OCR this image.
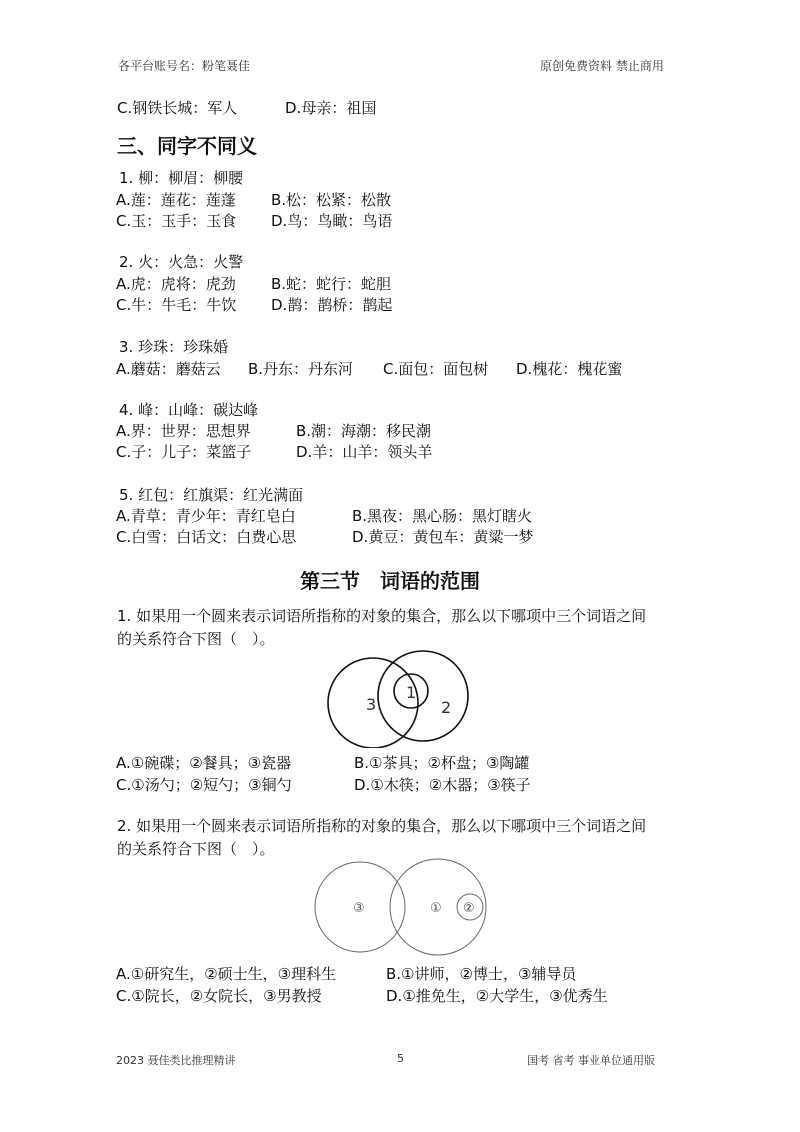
各平台账号名：粉笔聂佳	原创免费资料 禁止商用
C.钢铁长城：军人	D.母亲：祖国
三、同字不同义
1. 柳：柳眉：柳腰
A.莲：莲花：莲蓬 B.松：松紧：松散
C.玉：玉手：玉食 D.鸟：鸟瞰：鸟语
2. 火：火急：火警
A.虎：虎将：虎劲 B.蛇：蛇行：蛇胆
C.牛：牛毛：牛饮 D.鹊：鹊桥：鹊起
3. 珍珠：珍珠婚
A.蘑菇：蘑菇云 B.丹东：丹东河 C.面包：面包树 D.槐花：槐花蜜
4. 峰：山峰：碳达峰
A.界：世界：思想界	B.潮：海潮：移民潮
C.子：儿子：菜篮子	D.羊：山羊：领头羊
5. 红包：红旗渠：红光满面
A.青草：青少年：青红皂白	B.黑夜：黑心肠：黑灯瞎火
C.白雪：白话文：白费心思	D.黄豆：黄包车：黄粱一梦
第三节　词语的范围
1. 如果用一个圆来表示词语所指称的对象的集合，那么以下哪项中三个词语之间
的关系符合下图（　）。
3
1
2
A.①碗碟；②餐具；③瓷器	B.①茶具；②杯盘；③陶罐
C.①汤勺；②短勺；③铜勺	D.①木筷；②木器；③筷子
2. 如果用一个圆来表示词语所指称的对象的集合，那么以下哪项中三个词语之间
的关系符合下图（　）。
③	① ②
A.①研究生，②硕士生，③理科生	B.①讲师，②博士，③辅导员
C.①院长，②女院长，③男教授	D.①推免生，②大学生，③优秀生
2023 聂佳类比推理精讲	5	国考 省考 事业单位通用版
